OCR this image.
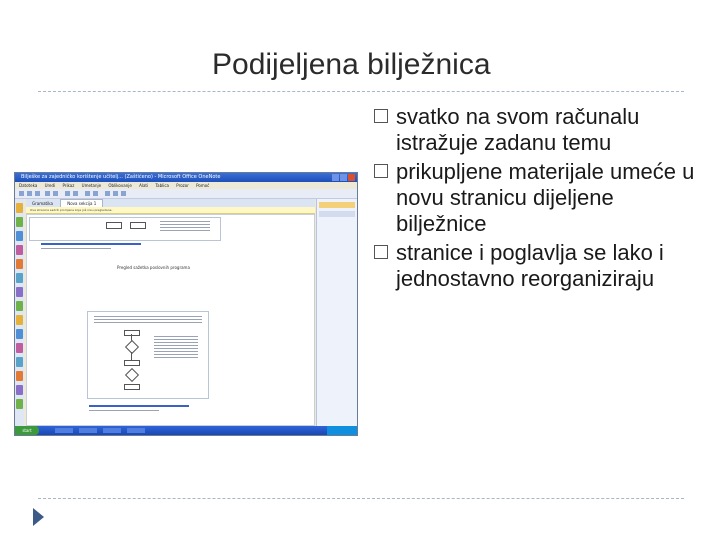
Podijeljena bilježnica
Bilješke za zajedničko korištenje učitelj... (Zaštićeno) - Microsoft Office OneNote
Datoteka Uredi Prikaz Umetanje Oblikovanje Alati Tablica Prozor Pomoć
Gramatika	Nova sekcija 1
Ova stranica sadrži promjene koje još nisu pregledane.
Pregled sažetka poslovnih programa
start
svatko na svom računalu istražuje zadanu temu
prikupljene materijale umeće u novu stranicu dijeljene bilježnice
stranice i poglavlja se lako i jednostavno reorganiziraju
